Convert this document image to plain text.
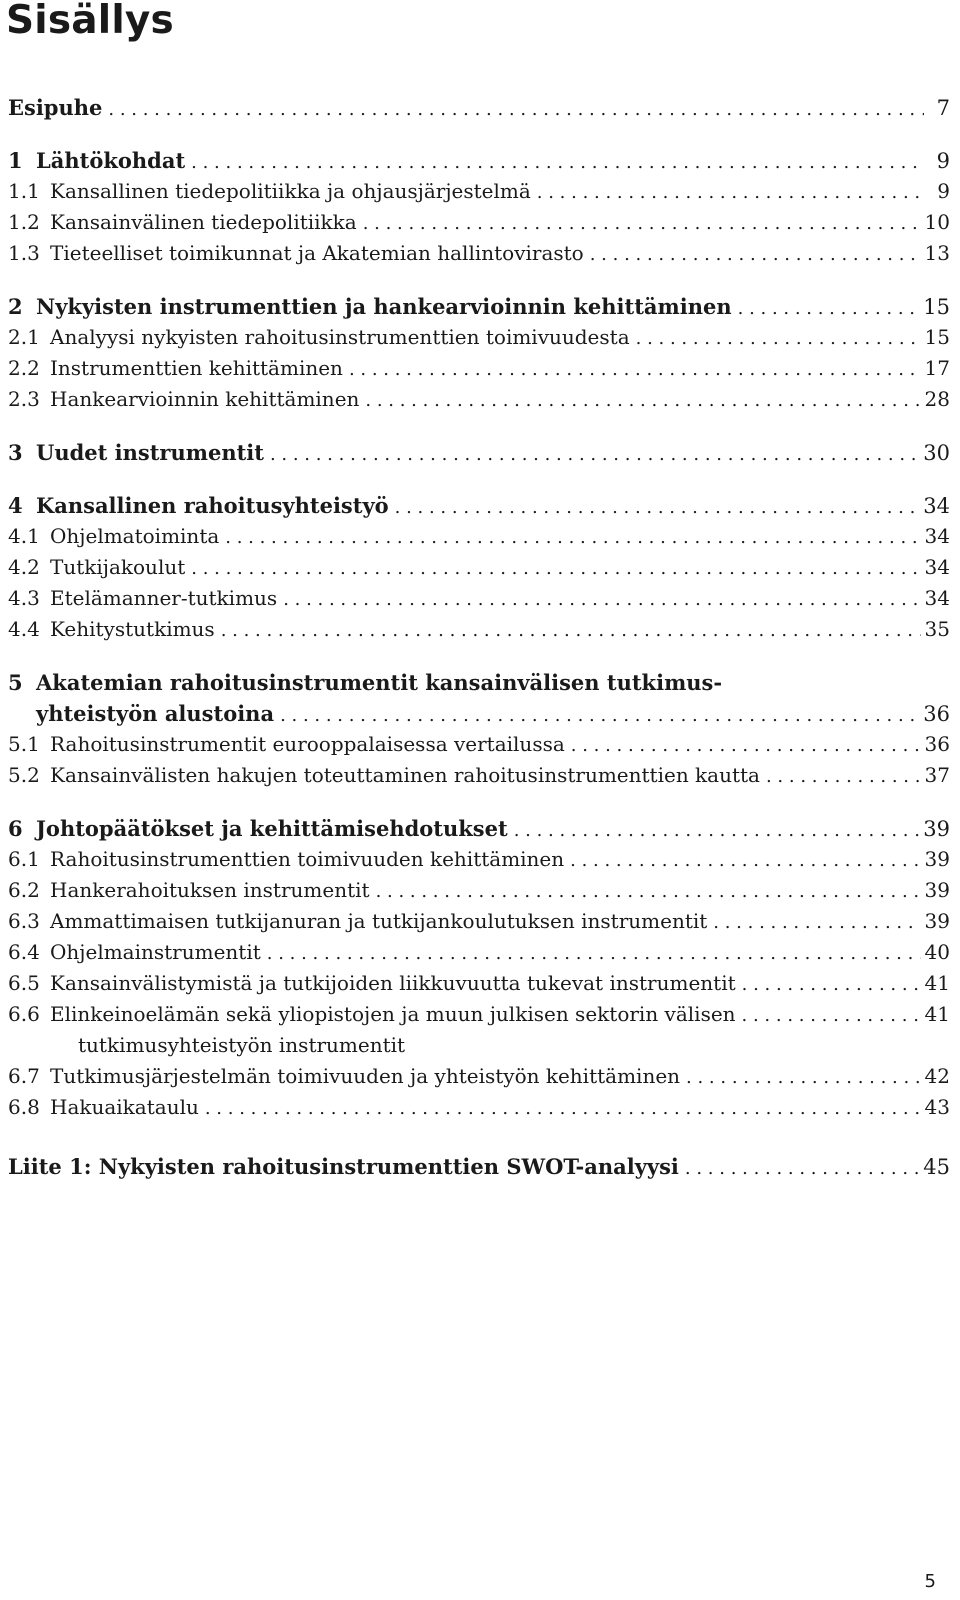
Sisällys
Esipuhe . . .	7
1 Lähtökohdat . . .	9
1.1 Kansallinen tiedepolitiikka ja ohjausjärjestelmä . . .	9
1.2 Kansainvälinen tiedepolitiikka . . .	10
1.3 Tieteelliset toimikunnat ja Akatemian hallintovirasto . . .	13
2 Nykyisten instrumenttien ja hankearvioinnin kehittäminen . . .	15
2.1 Analyysi nykyisten rahoitusinstrumenttien toimivuudesta . . .	15
2.2 Instrumenttien kehittäminen . . .	17
2.3 Hankearvioinnin kehittäminen . . .	28
3 Uudet instrumentit . . .	30
4 Kansallinen rahoitusyhteistyö . . .	34
4.1 Ohjelmatoiminta . . .	34
4.2 Tutkijakoulut . . .	34
4.3 Etelämanner-tutkimus . . .	34
4.4 Kehitystutkimus . . .	35
5 Akatemian rahoitusinstrumentit kansainvälisen tutkimus-
yhteistyön alustoina . . .	36
5.1 Rahoitusinstrumentit eurooppalaisessa vertailussa . . .	36
5.2 Kansainvälisten hakujen toteuttaminen rahoitusinstrumenttien kautta . . .	37
6 Johtopäätökset ja kehittämisehdotukset . . .	39
6.1 Rahoitusinstrumenttien toimivuuden kehittäminen . . .	39
6.2 Hankerahoituksen instrumentit . . .	39
6.3 Ammattimaisen tutkijanuran ja tutkijankoulutuksen instrumentit . . .	39
6.4 Ohjelmainstrumentit . . .	40
6.5 Kansainvälistymistä ja tutkijoiden liikkuvuutta tukevat instrumentit . . .	41
6.6 Elinkeinoelämän sekä yliopistojen ja muun julkisen sektorin välisen . . .	41
tutkimusyhteistyön instrumentit
6.7 Tutkimusjärjestelmän toimivuuden ja yhteistyön kehittäminen . . .	42
6.8 Hakuaikataulu . . .	43
Liite 1: Nykyisten rahoitusinstrumenttien SWOT-analyysi . . .	45
5
